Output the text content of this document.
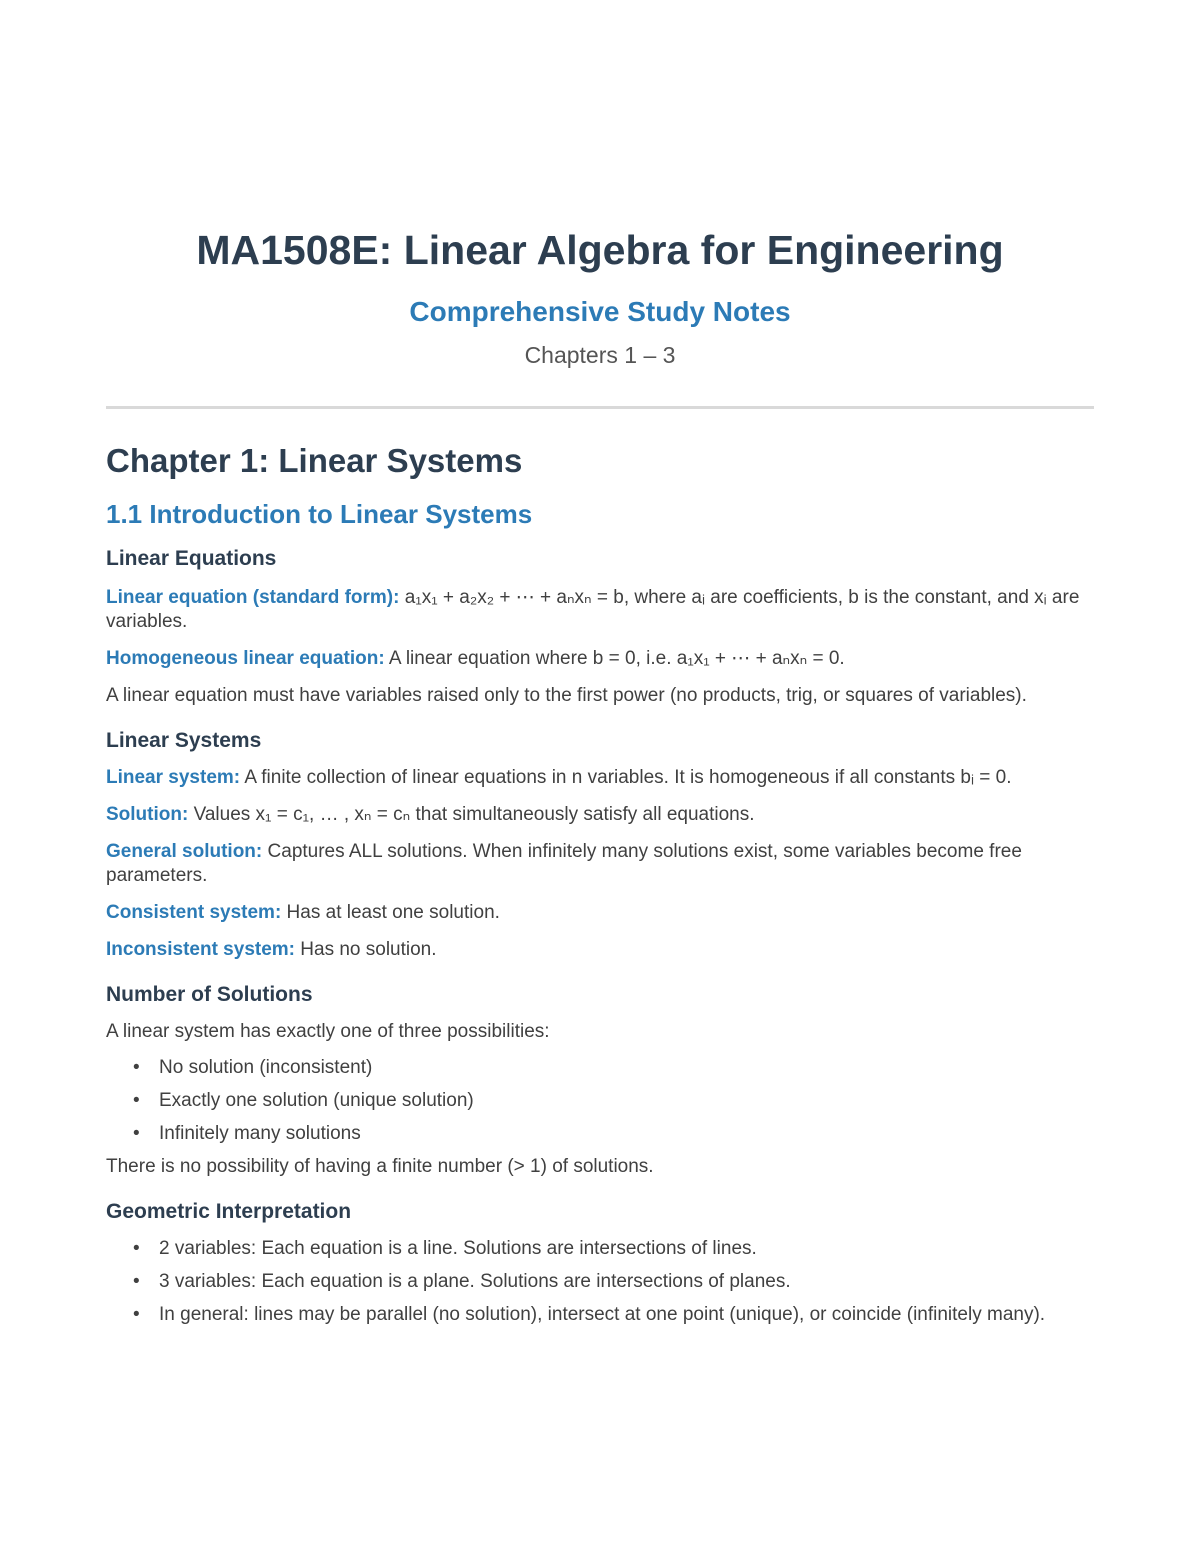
MA1508E: Linear Algebra for Engineering
Comprehensive Study Notes
Chapters 1 – 3
Chapter 1: Linear Systems
1.1 Introduction to Linear Systems
Linear Equations

Linear equation (standard form): a₁x₁ + a₂x₂ + ⋯ + aₙxₙ = b, where aᵢ are coefficients, b is the constant, and xᵢ are variables.

Homogeneous linear equation: A linear equation where b = 0, i.e. a₁x₁ + ⋯ + aₙxₙ = 0.

A linear equation must have variables raised only to the first power (no products, trig, or squares of variables).

Linear Systems

Linear system: A finite collection of linear equations in n variables. It is homogeneous if all constants bᵢ = 0.

Solution: Values x₁ = c₁, … , xₙ = cₙ that simultaneously satisfy all equations.

General solution: Captures ALL solutions. When infinitely many solutions exist, some variables become free parameters.

Consistent system: Has at least one solution.

Inconsistent system: Has no solution.

Number of Solutions

A linear system has exactly one of three possibilities:

• No solution (inconsistent)
• Exactly one solution (unique solution)
• Infinitely many solutions

There is no possibility of having a finite number (> 1) of solutions.

Geometric Interpretation
• 2 variables: Each equation is a line. Solutions are intersections of lines.
• 3 variables: Each equation is a plane. Solutions are intersections of planes.
• In general: lines may be parallel (no solution), intersect at one point (unique), or coincide (infinitely many).
